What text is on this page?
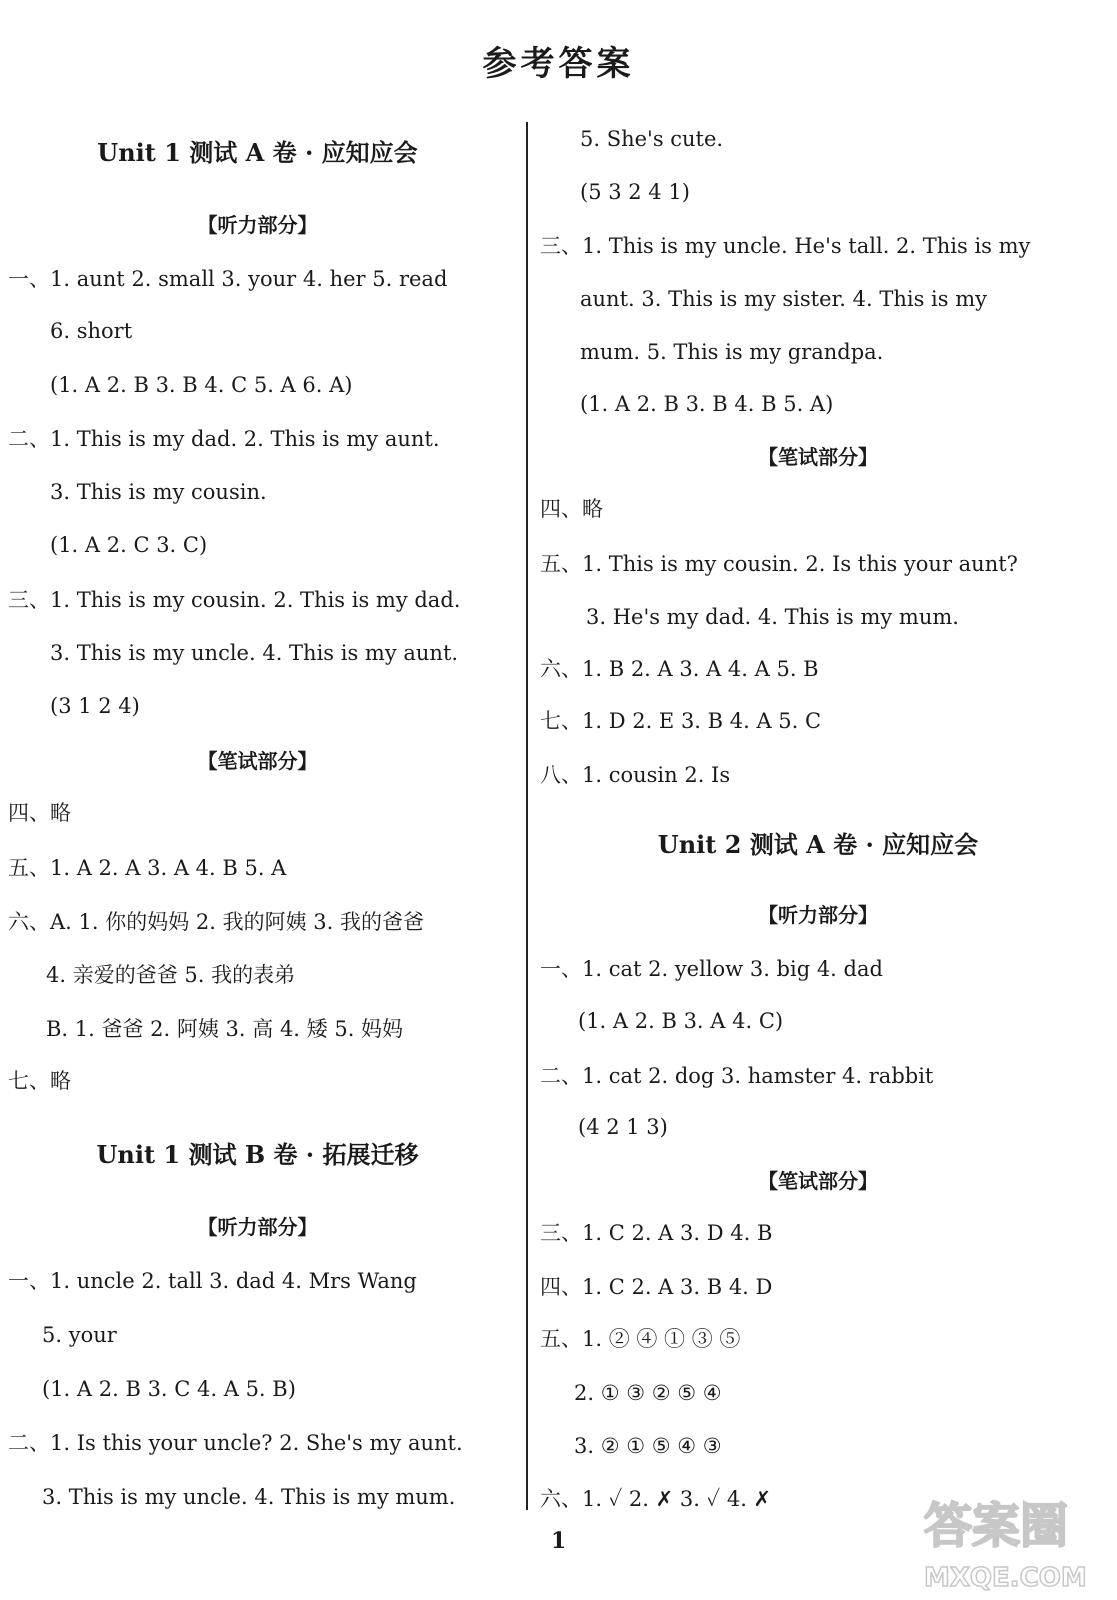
参考答案
Unit 1 测试 A 卷 · 应知应会
【听力部分】
一、1. aunt 2. small 3. your 4. her 5. read
6. short
(1. A 2. B 3. B 4. C 5. A 6. A)
二、1. This is my dad. 2. This is my aunt.
3. This is my cousin.
(1. A 2. C 3. C)
三、1. This is my cousin. 2. This is my dad.
3. This is my uncle. 4. This is my aunt.
(3 1 2 4)
【笔试部分】
四、略
五、1. A 2. A 3. A 4. B 5. A
六、A. 1. 你的妈妈 2. 我的阿姨 3. 我的爸爸
4. 亲爱的爸爸 5. 我的表弟
B. 1. 爸爸 2. 阿姨 3. 高 4. 矮 5. 妈妈
七、略
Unit 1 测试 B 卷 · 拓展迁移
【听力部分】
一、1. uncle 2. tall 3. dad 4. Mrs Wang
5. your
(1. A 2. B 3. C 4. A 5. B)
二、1. Is this your uncle? 2. She's my aunt.
3. This is my uncle. 4. This is my mum.
5. She's cute.
(5 3 2 4 1)
三、1. This is my uncle. He's tall. 2. This is my
aunt. 3. This is my sister. 4. This is my
mum. 5. This is my grandpa.
(1. A 2. B 3. B 4. B 5. A)
【笔试部分】
四、略
五、1. This is my cousin. 2. Is this your aunt?
3. He's my dad. 4. This is my mum.
六、1. B 2. A 3. A 4. A 5. B
七、1. D 2. E 3. B 4. A 5. C
八、1. cousin 2. Is
Unit 2 测试 A 卷 · 应知应会
【听力部分】
一、1. cat 2. yellow 3. big 4. dad
(1. A 2. B 3. A 4. C)
二、1. cat 2. dog 3. hamster 4. rabbit
(4 2 1 3)
【笔试部分】
三、1. C 2. A 3. D 4. B
四、1. C 2. A 3. B 4. D
五、1. ② ④ ① ③ ⑤
2. ① ③ ② ⑤ ④
3. ② ① ⑤ ④ ③
六、1. ✓ 2. ✗ 3. ✓ 4. ✗
1	答案圈
MXQE.COM
